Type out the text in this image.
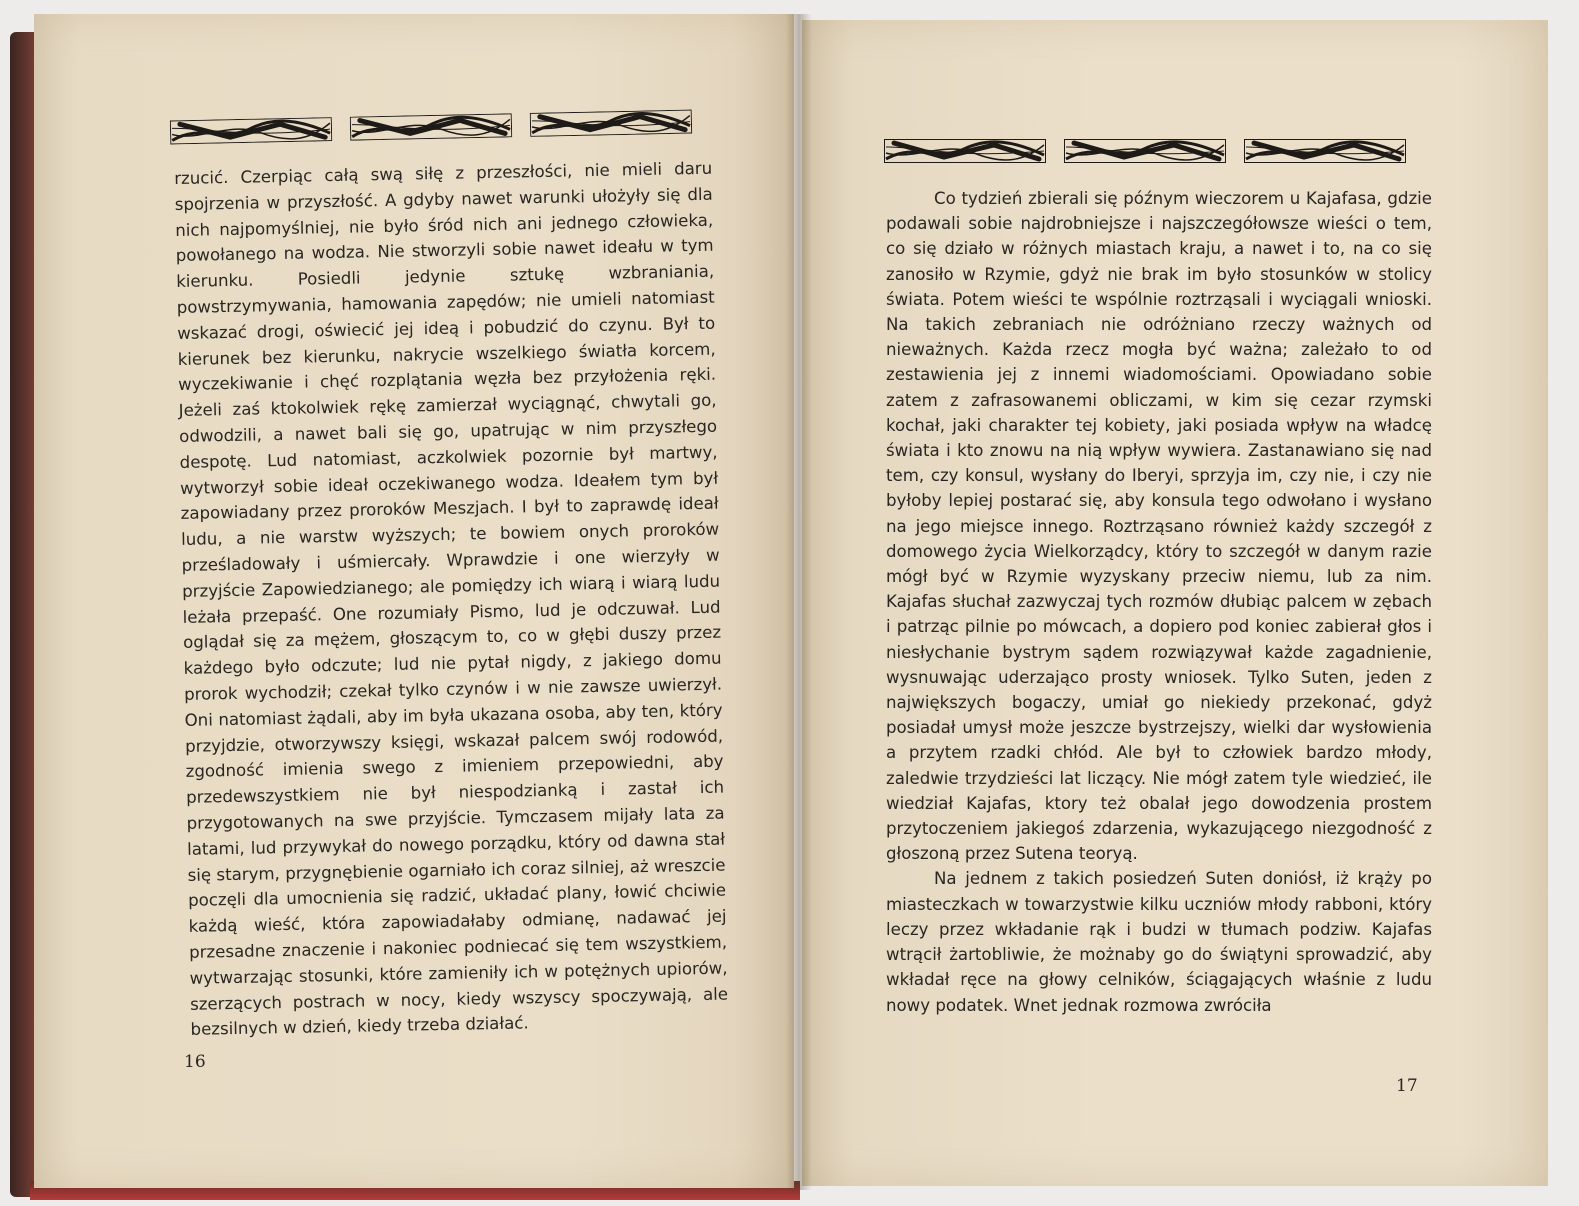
rzucić. Czerpiąc całą swą siłę z przeszłości, nie mieli daru spojrzenia w przyszłość. A gdyby nawet warunki ułożyły się dla nich najpomyślniej, nie było śród nich ani jednego człowieka, powołanego na wodza. Nie stworzyli sobie nawet ideału w tym kierunku. Posiedli jedynie sztukę wzbraniania, powstrzymywania, hamowania zapędów; nie umieli natomiast wskazać drogi, oświecić jej ideą i pobudzić do czynu. Był to kierunek bez kierunku, nakrycie wszelkiego światła korcem, wyczekiwanie i chęć rozplątania węzła bez przyłożenia ręki. Jeżeli zaś ktokolwiek rękę zamierzał wyciągnąć, chwytali go, odwodzili, a nawet bali się go, upatrując w nim przyszłego despotę. Lud natomiast, aczkolwiek pozornie był martwy, wytworzył sobie ideał oczekiwanego wodza. Ideałem tym był zapowiadany przez proroków Meszjach. I był to zaprawdę ideał ludu, a nie warstw wyższych; te bowiem onych proroków prześladowały i uśmiercały. Wprawdzie i one wierzyły w przyjście Zapowiedzianego; ale pomiędzy ich wiarą i wiarą ludu leżała przepaść. One rozumiały Pismo, lud je odczuwał. Lud oglądał się za mężem, głoszącym to, co w głębi duszy przez każdego było odczute; lud nie pytał nigdy, z jakiego domu prorok wychodził; czekał tylko czynów i w nie zawsze uwierzył. Oni natomiast żądali, aby im była ukazana osoba, aby ten, który przyjdzie, otworzywszy księgi, wskazał palcem swój rodowód, zgodność imienia swego z imieniem przepowiedni, aby przedewszystkiem nie był niespodzianką i zastał ich przygotowanych na swe przyjście. Tymczasem mijały lata za latami, lud przywykał do nowego porządku, który od dawna stał się starym, przygnębienie ogarniało ich coraz silniej, aż wreszcie poczęli dla umocnienia się radzić, układać plany, łowić chciwie każdą wieść, która zapowiadałaby odmianę, nadawać jej przesadne znaczenie i nakoniec podniecać się tem wszystkiem, wytwarzając stosunki, które zamieniły ich w potężnych upiorów, szerzących postrach w nocy, kiedy wszyscy spoczywają, ale bezsilnych w dzień, kiedy trzeba działać.

16

Co tydzień zbierali się późnym wieczorem u Kajafasa, gdzie podawali sobie najdrobniejsze i najszczegółowsze wieści o tem, co się działo w różnych miastach kraju, a nawet i to, na co się zanosiło w Rzymie, gdyż nie brak im było stosunków w stolicy świata. Potem wieści te wspólnie roztrząsali i wyciągali wnioski. Na takich zebraniach nie odróżniano rzeczy ważnych od nieważnych. Każda rzecz mogła być ważna; zależało to od zestawienia jej z innemi wiadomościami. Opowiadano sobie zatem z zafrasowanemi obliczami, w kim się cezar rzymski kochał, jaki charakter tej kobiety, jaki posiada wpływ na władcę świata i kto znowu na nią wpływ wywiera. Zastanawiano się nad tem, czy konsul, wysłany do Iberyi, sprzyja im, czy nie, i czy nie byłoby lepiej postarać się, aby konsula tego odwołano i wysłano na jego miejsce innego. Roztrząsano również każdy szczegół z domowego życia Wielkorządcy, który to szczegół w danym razie mógł być w Rzymie wyzyskany przeciw niemu, lub za nim. Kajafas słuchał zazwyczaj tych rozmów dłubiąc palcem w zębach i patrząc pilnie po mówcach, a dopiero pod koniec zabierał głos i niesłychanie bystrym sądem rozwiązywał każde zagadnienie, wysnuwając uderzająco prosty wniosek. Tylko Suten, jeden z największych bogaczy, umiał go niekiedy przekonać, gdyż posiadał umysł może jeszcze bystrzejszy, wielki dar wysłowienia a przytem rzadki chłód. Ale był to człowiek bardzo młody, zaledwie trzydzieści lat liczący. Nie mógł zatem tyle wiedzieć, ile wiedział Kajafas, ktory też obalał jego dowodzenia prostem przytoczeniem jakiegoś zdarzenia, wykazującego niezgodność z głoszoną przez Sutena teoryą.

Na jednem z takich posiedzeń Suten doniósł, iż krąży po miasteczkach w towarzystwie kilku uczniów młody rabboni, który leczy przez wkładanie rąk i budzi w tłumach podziw. Kajafas wtrącił żartobliwie, że możnaby go do świątyni sprowadzić, aby wkładał ręce na głowy celników, ściągających właśnie z ludu nowy podatek. Wnet jednak rozmowa zwróciła

17
